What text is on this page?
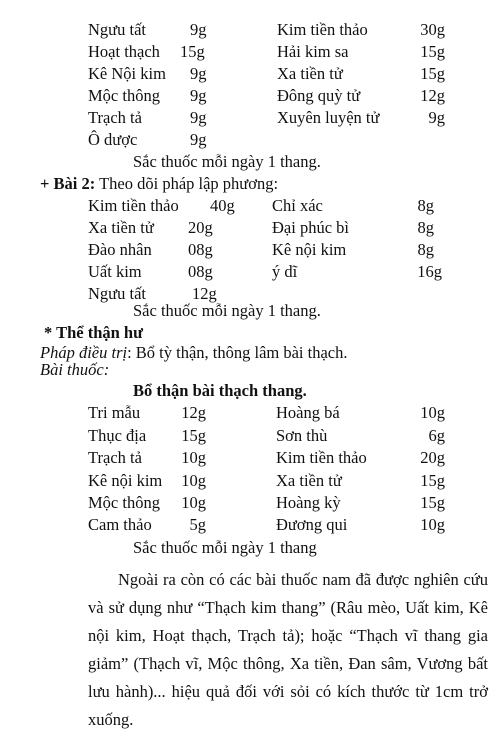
Ngưu tất	9g	Kim tiền thảo	30g
Hoạt thạch 15g	Hải kim sa	15g
Kê Nội kim 9g	Xa tiền tử	15g
Mộc thông 9g	Đông quỳ tử	12g
Trạch tả	9g	Xuyên luyện tử	9g
Ô dược	9g
Sắc thuốc mỗi ngày 1 thang.
+ Bài 2: Theo dõi pháp lập phương:
Kim tiền thảo 40g Chỉ xác	8g
Xa tiền tử 20g	Đại phúc bì	8g
Đào nhân 08g	Kê nội kim	8g
Uất kim	08g	ý dĩ	16g
Ngưu tất	12g
Sắc thuốc mỗi ngày 1 thang.
* Thể thận hư
Pháp điều trị: Bổ tỳ thận, thông lâm bài thạch.
Bài thuốc:
Bổ thận bài thạch thang.
Tri mẫu	12g	Hoàng bá	10g
Thục địa	15g	Sơn thù	6g
Trạch tả	10g	Kim tiền thảo	20g
Kê nội kim	10g	Xa tiền tử	15g
Mộc thông	10g	Hoàng kỳ	15g
Cam thảo	5g	Đương qui	10g
Sắc thuốc mỗi ngày 1 thang
Ngoài ra còn có các bài thuốc nam đã được nghiên cứu và sử dụng như “Thạch kim thang” (Râu mèo, Uất kim, Kê nội kim, Hoạt thạch, Trạch tả); hoặc “Thạch vĩ thang gia giảm” (Thạch vĩ, Mộc thông, Xa tiền, Đan sâm, Vương bất lưu hành)... hiệu quả đối với sỏi có kích thước từ 1cm trở xuống.
